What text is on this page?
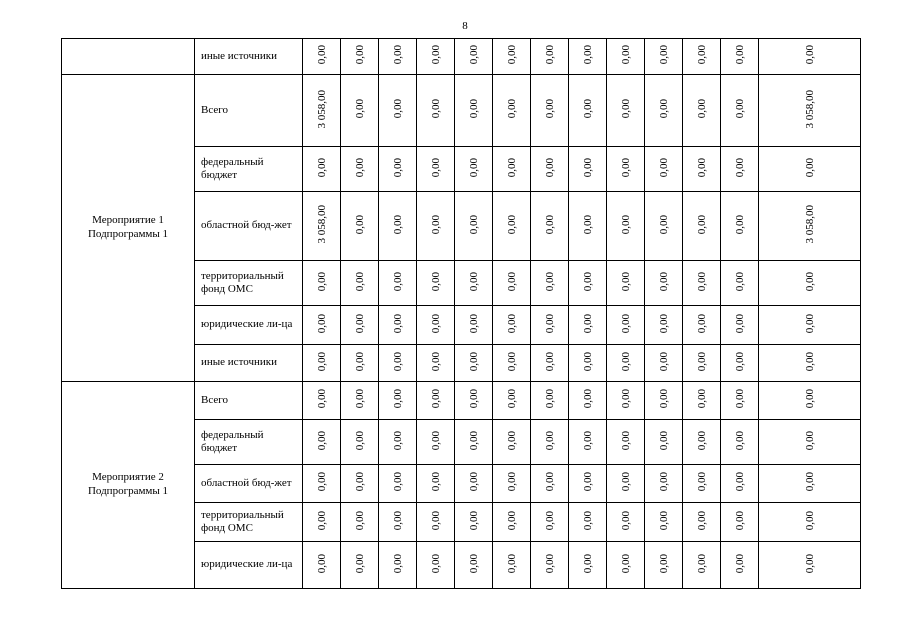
8
	иные источники	0,00	0,00	0,00	0,00	0,00	0,00	0,00	0,00	0,00	0,00	0,00	0,00	0,00

Мероприятие 1
Подпрограммы 1	Всего	3 058,00	0,00	0,00	0,00	0,00	0,00	0,00	0,00	0,00	0,00	0,00	0,00	3 058,00
	федеральный бюджет	0,00	0,00	0,00	0,00	0,00	0,00	0,00	0,00	0,00	0,00	0,00	0,00	0,00
	областной бюд-жет	3 058,00	0,00	0,00	0,00	0,00	0,00	0,00	0,00	0,00	0,00	0,00	0,00	3 058,00
	территориальный фонд ОМС	0,00	0,00	0,00	0,00	0,00	0,00	0,00	0,00	0,00	0,00	0,00	0,00	0,00
	юридические ли-ца	0,00	0,00	0,00	0,00	0,00	0,00	0,00	0,00	0,00	0,00	0,00	0,00	0,00
	иные источники	0,00	0,00	0,00	0,00	0,00	0,00	0,00	0,00	0,00	0,00	0,00	0,00	0,00

Мероприятие 2
Подпрограммы 1	Всего	0,00	0,00	0,00	0,00	0,00	0,00	0,00	0,00	0,00	0,00	0,00	0,00	0,00
	федеральный бюджет	0,00	0,00	0,00	0,00	0,00	0,00	0,00	0,00	0,00	0,00	0,00	0,00	0,00
	областной бюд-жет	0,00	0,00	0,00	0,00	0,00	0,00	0,00	0,00	0,00	0,00	0,00	0,00	0,00
	территориальный фонд ОМС	0,00	0,00	0,00	0,00	0,00	0,00	0,00	0,00	0,00	0,00	0,00	0,00	0,00
	юридические ли-ца	0,00	0,00	0,00	0,00	0,00	0,00	0,00	0,00	0,00	0,00	0,00	0,00	0,00
